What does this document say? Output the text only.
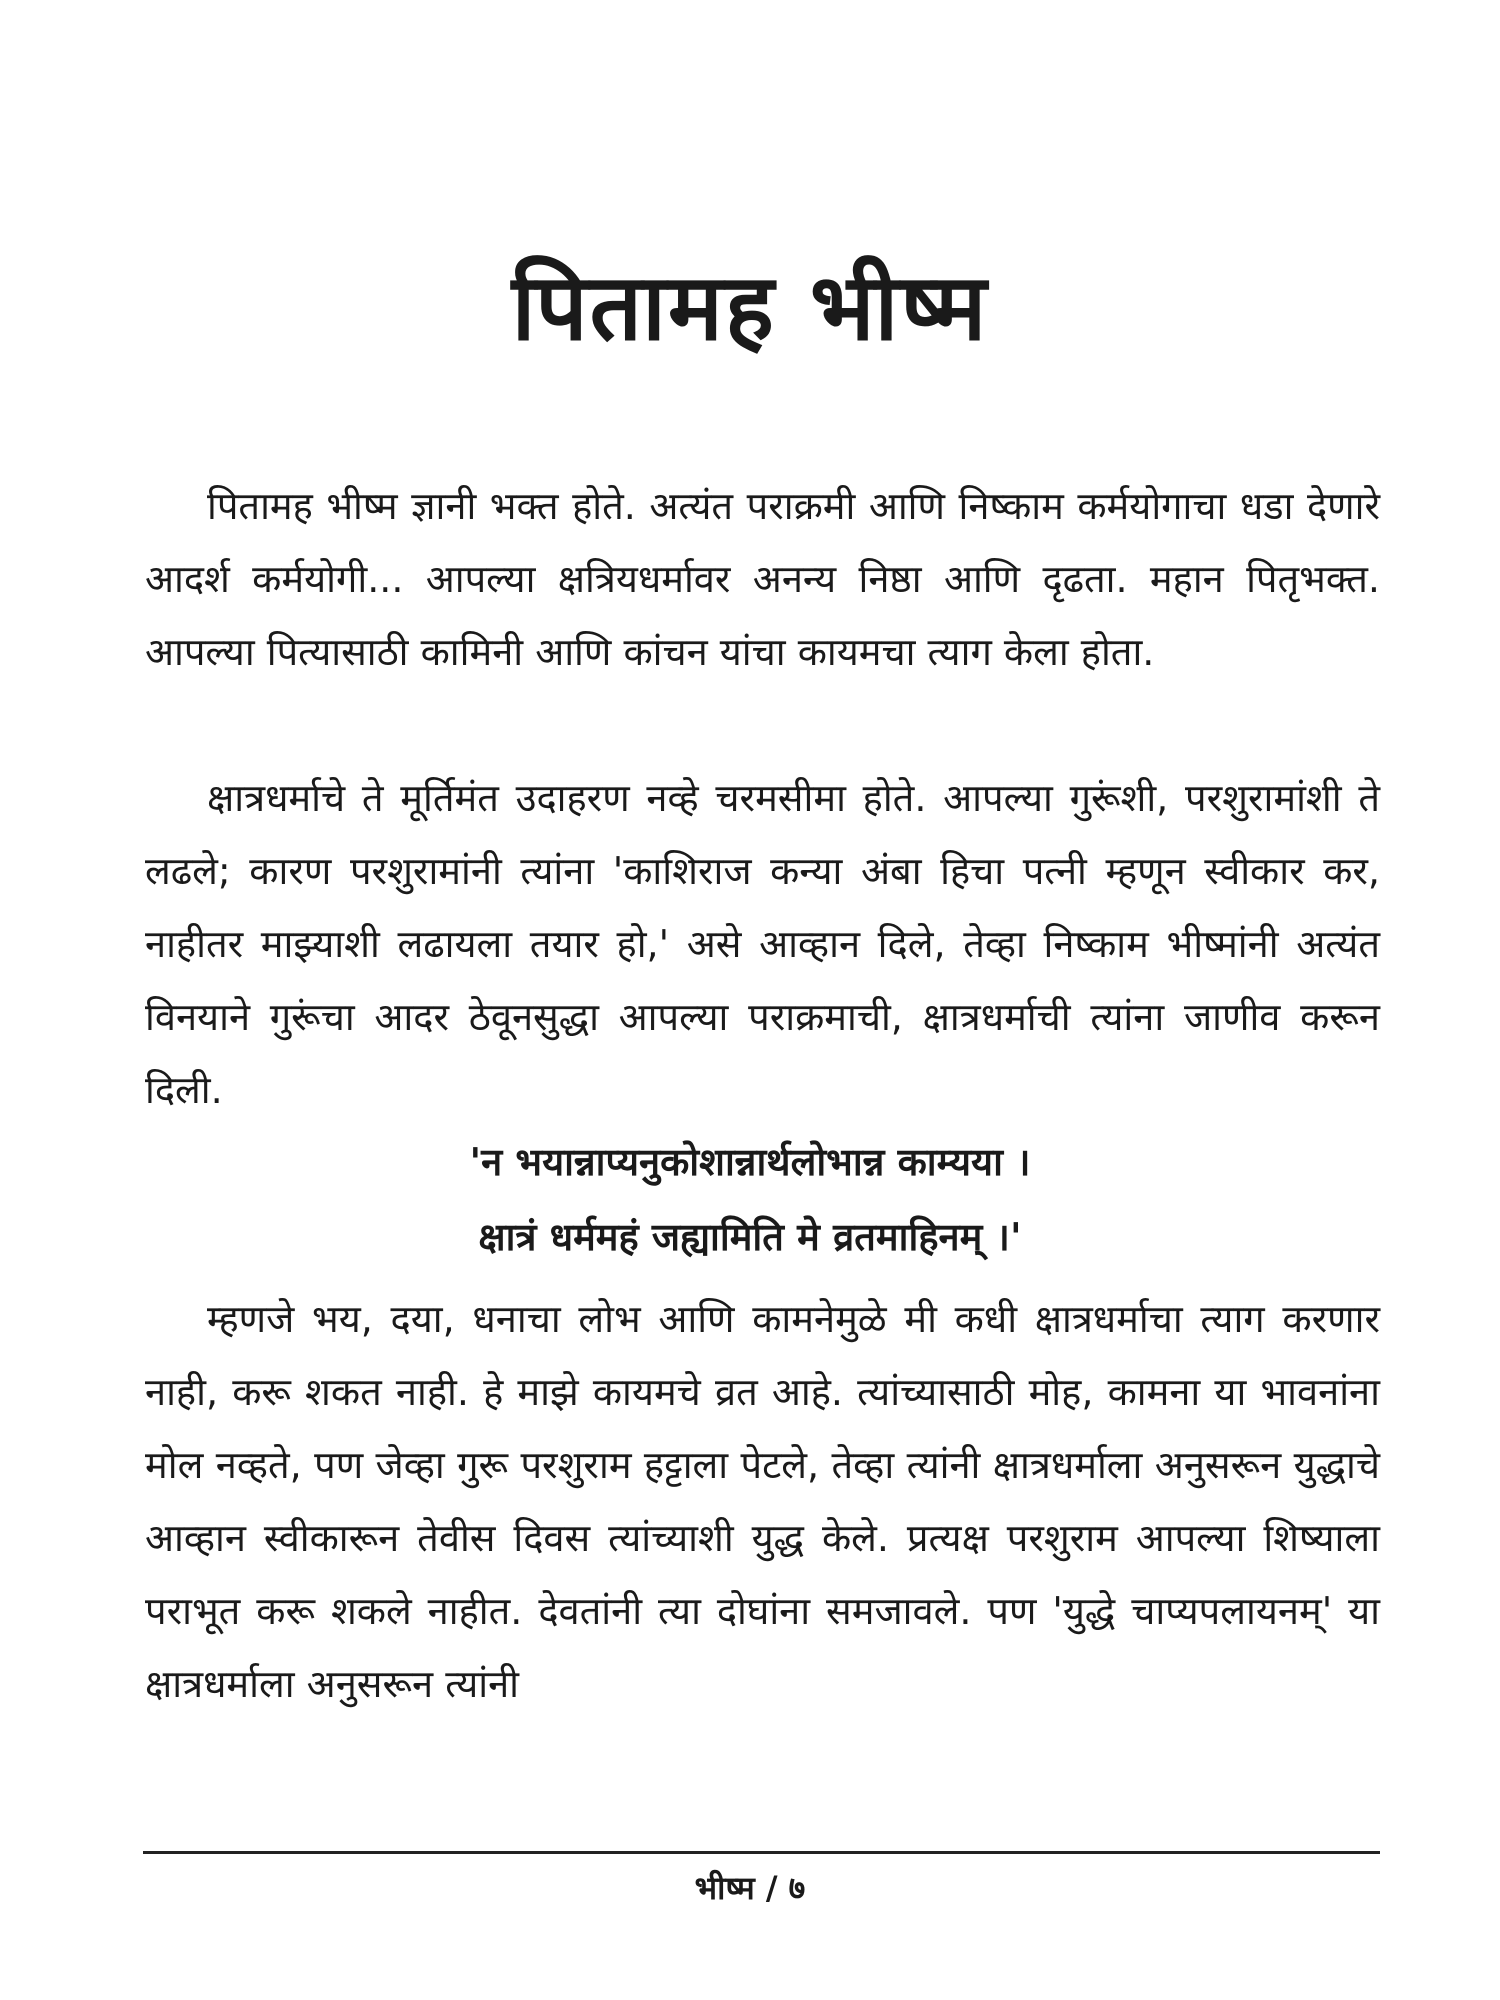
पितामह भीष्म

पितामह भीष्म ज्ञानी भक्त होते. अत्यंत पराक्रमी आणि निष्काम कर्मयोगाचा धडा देणारे आदर्श कर्मयोगी... आपल्या क्षत्रियधर्मावर अनन्य निष्ठा आणि दृढता. महान पितृभक्त. आपल्या पित्यासाठी कामिनी आणि कांचन यांचा कायमचा त्याग केला होता.

क्षात्रधर्माचे ते मूर्तिमंत उदाहरण नव्हे चरमसीमा होते. आपल्या गुरूंशी, परशुरामांशी ते लढले; कारण परशुरामांनी त्यांना 'काशिराज कन्या अंबा हिचा पत्नी म्हणून स्वीकार कर, नाहीतर माझ्याशी लढायला तयार हो,' असे आव्हान दिले, तेव्हा निष्काम भीष्मांनी अत्यंत विनयाने गुरूंचा आदर ठेवूनसुद्धा आपल्या पराक्रमाची, क्षात्रधर्माची त्यांना जाणीव करून दिली.

'न भयान्नाप्यनुकोशान्नार्थलोभान्न काम्यया ।

क्षात्रं धर्ममहं जह्यामिति मे व्रतमाहिनम् ।'

म्हणजे भय, दया, धनाचा लोभ आणि कामनेमुळे मी कधी क्षात्रधर्माचा त्याग करणार नाही, करू शकत नाही. हे माझे कायमचे व्रत आहे. त्यांच्यासाठी मोह, कामना या भावनांना मोल नव्हते, पण जेव्हा गुरू परशुराम हट्टाला पेटले, तेव्हा त्यांनी क्षात्रधर्माला अनुसरून युद्धाचे आव्हान स्वीकारून तेवीस दिवस त्यांच्याशी युद्ध केले. प्रत्यक्ष परशुराम आपल्या शिष्याला पराभूत करू शकले नाहीत. देवतांनी त्या दोघांना समजावले. पण 'युद्धे चाप्यपलायनम्' या क्षात्रधर्माला अनुसरून त्यांनी

भीष्म / ७
